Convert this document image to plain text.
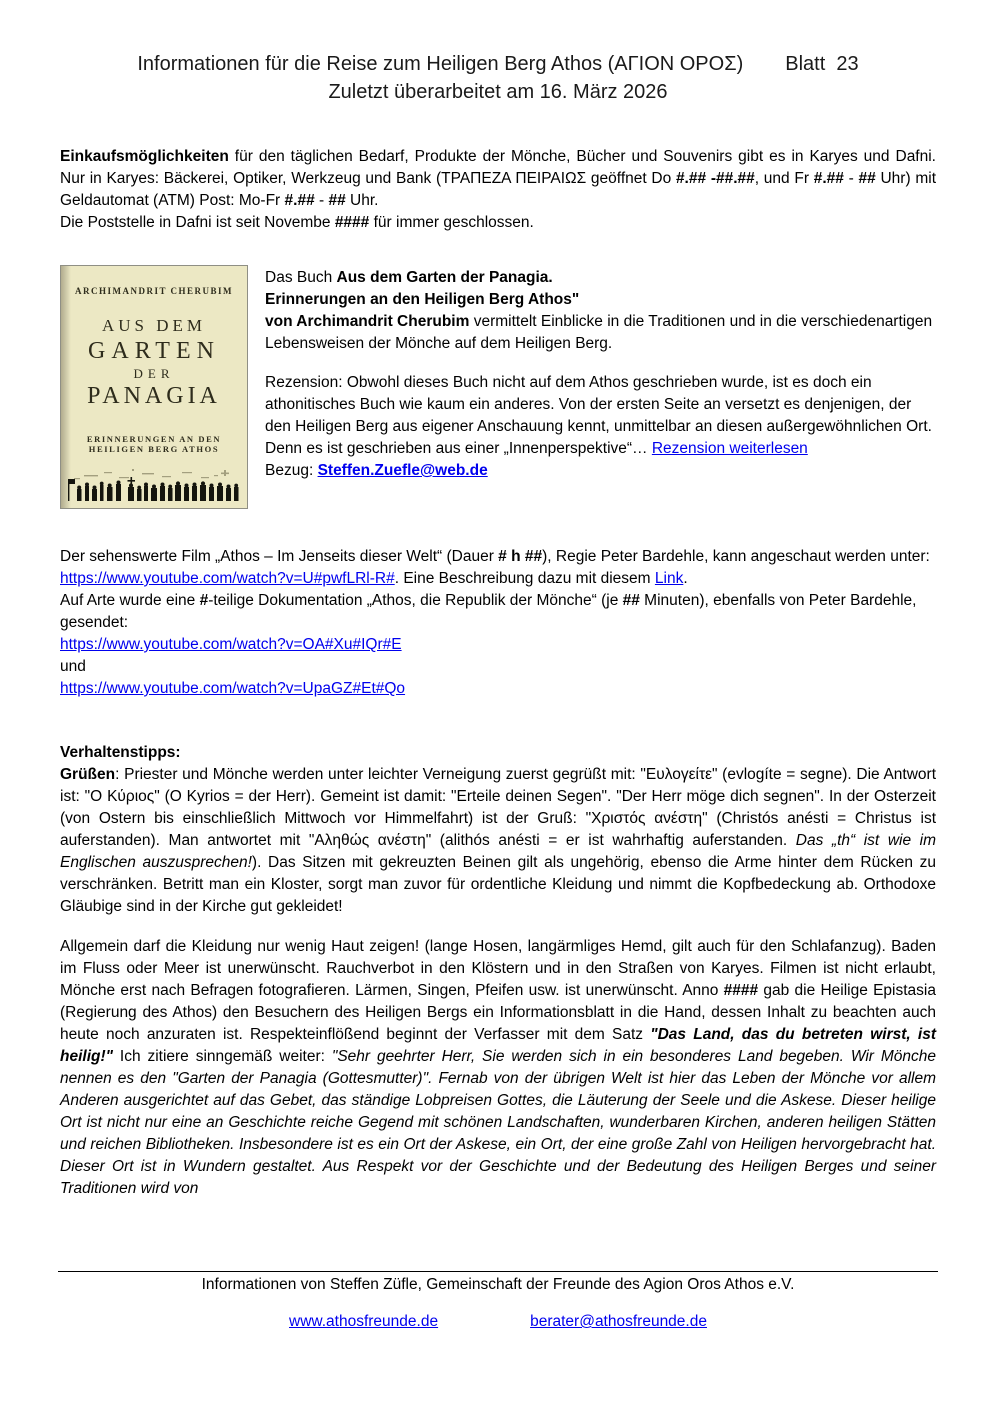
Informationen für die Reise zum Heiligen Berg Athos (ΑΓΙΟΝ ΟΡΟΣ) Blatt  23
Zuletzt überarbeitet am 16. März 2026

Einkaufsmöglichkeiten für den täglichen Bedarf, Produkte der Mönche, Bücher und Souvenirs gibt es in Karyes und Dafni. Nur in Karyes: Bäckerei, Optiker, Werkzeug und Bank (ΤΡΑΠΕΖΑ ΠΕΙΡΑΙΩΣ geöffnet Do #.## -##.##, und Fr #.## - ## Uhr) mit Geldautomat (ATM) Post: Mo-Fr #.## - ## Uhr.
Die Poststelle in Dafni ist seit Novembe #### für immer geschlossen.

ARCHIMANDRIT CHERUBIM
AUS DEM
GARTEN
DER
PANAGIA
ERINNERUNGEN AN DEN
HEILIGEN BERG ATHOS

Das Buch Aus dem Garten der Panagia.
Erinnerungen an den Heiligen Berg Athos"
von Archimandrit Cherubim vermittelt Einblicke in die Traditionen und in die verschiedenartigen Lebensweisen der Mönche auf dem Heiligen Berg.

Rezension: Obwohl dieses Buch nicht auf dem Athos geschrieben wurde, ist es doch ein athonitisches Buch wie kaum ein anderes. Von der ersten Seite an versetzt es denjenigen, der den Heiligen Berg aus eigener Anschauung kennt, unmittelbar an diesen außergewöhnlichen Ort. Denn es ist geschrieben aus einer „Innenperspektive“… Rezension weiterlesen
Bezug: Steffen.Zuefle@web.de

Der sehenswerte Film „Athos – Im Jenseits dieser Welt“ (Dauer # h ##), Regie Peter Bardehle, kann angeschaut werden unter:
https://www.youtube.com/watch?v=U#pwfLRl-R#. Eine Beschreibung dazu mit diesem Link.
Auf Arte wurde eine #-teilige Dokumentation „Athos, die Republik der Mönche“ (je ## Minuten), ebenfalls von Peter Bardehle, gesendet:
https://www.youtube.com/watch?v=OA#Xu#IQr#E
und
https://www.youtube.com/watch?v=UpaGZ#Et#Qo

Verhaltenstipps:

Grüßen: Priester und Mönche werden unter leichter Verneigung zuerst gegrüßt mit: "Ευλογείτε" (evlogíte = segne). Die Antwort ist: "Ο Κύριος" (O Kyrios = der Herr). Gemeint ist damit: "Erteile deinen Segen". "Der Herr möge dich segnen". In der Osterzeit (von Ostern bis einschließlich Mittwoch vor Himmelfahrt) ist der Gruß: "Χριστός ανέστη" (Christós anésti = Christus ist auferstanden). Man antwortet mit "Αληθώς ανέστη" (alithós anésti = er ist wahrhaftig auferstanden. Das „th“ ist wie im Englischen auszusprechen!). Das Sitzen mit gekreuzten Beinen gilt als ungehörig, ebenso die Arme hinter dem Rücken zu verschränken. Betritt man ein Kloster, sorgt man zuvor für ordentliche Kleidung und nimmt die Kopfbedeckung ab. Orthodoxe Gläubige sind in der Kirche gut gekleidet!

Allgemein darf die Kleidung nur wenig Haut zeigen! (lange Hosen, langärmliges Hemd, gilt auch für den Schlafanzug). Baden im Fluss oder Meer ist unerwünscht. Rauchverbot in den Klöstern und in den Straßen von Karyes. Filmen ist nicht erlaubt, Mönche erst nach Befragen fotografieren. Lärmen, Singen, Pfeifen usw. ist unerwünscht. Anno #### gab die Heilige Epistasia (Regierung des Athos) den Besuchern des Heiligen Bergs ein Informationsblatt in die Hand, dessen Inhalt zu beachten auch heute noch anzuraten ist. Respekteinflößend beginnt der Verfasser mit dem Satz "Das Land, das du betreten wirst, ist heilig!" Ich zitiere sinngemäß weiter: "Sehr geehrter Herr, Sie werden sich in ein besonderes Land begeben. Wir Mönche nennen es den "Garten der Panagia (Gottesmutter)". Fernab von der übrigen Welt ist hier das Leben der Mönche vor allem Anderen ausgerichtet auf das Gebet, das ständige Lobpreisen Gottes, die Läuterung der Seele und die Askese. Dieser heilige Ort ist nicht nur eine an Geschichte reiche Gegend mit schönen Landschaften, wunderbaren Kirchen, anderen heiligen Stätten und reichen Bibliotheken. Insbesondere ist es ein Ort der Askese, ein Ort, der eine große Zahl von Heiligen hervorgebracht hat. Dieser Ort ist in Wundern gestaltet. Aus Respekt vor der Geschichte und der Bedeutung des Heiligen Berges und seiner Traditionen wird von

Informationen von Steffen Züfle, Gemeinschaft der Freunde des Agion Oros Athos e.V.
www.athosfreunde.de	berater@athosfreunde.de
